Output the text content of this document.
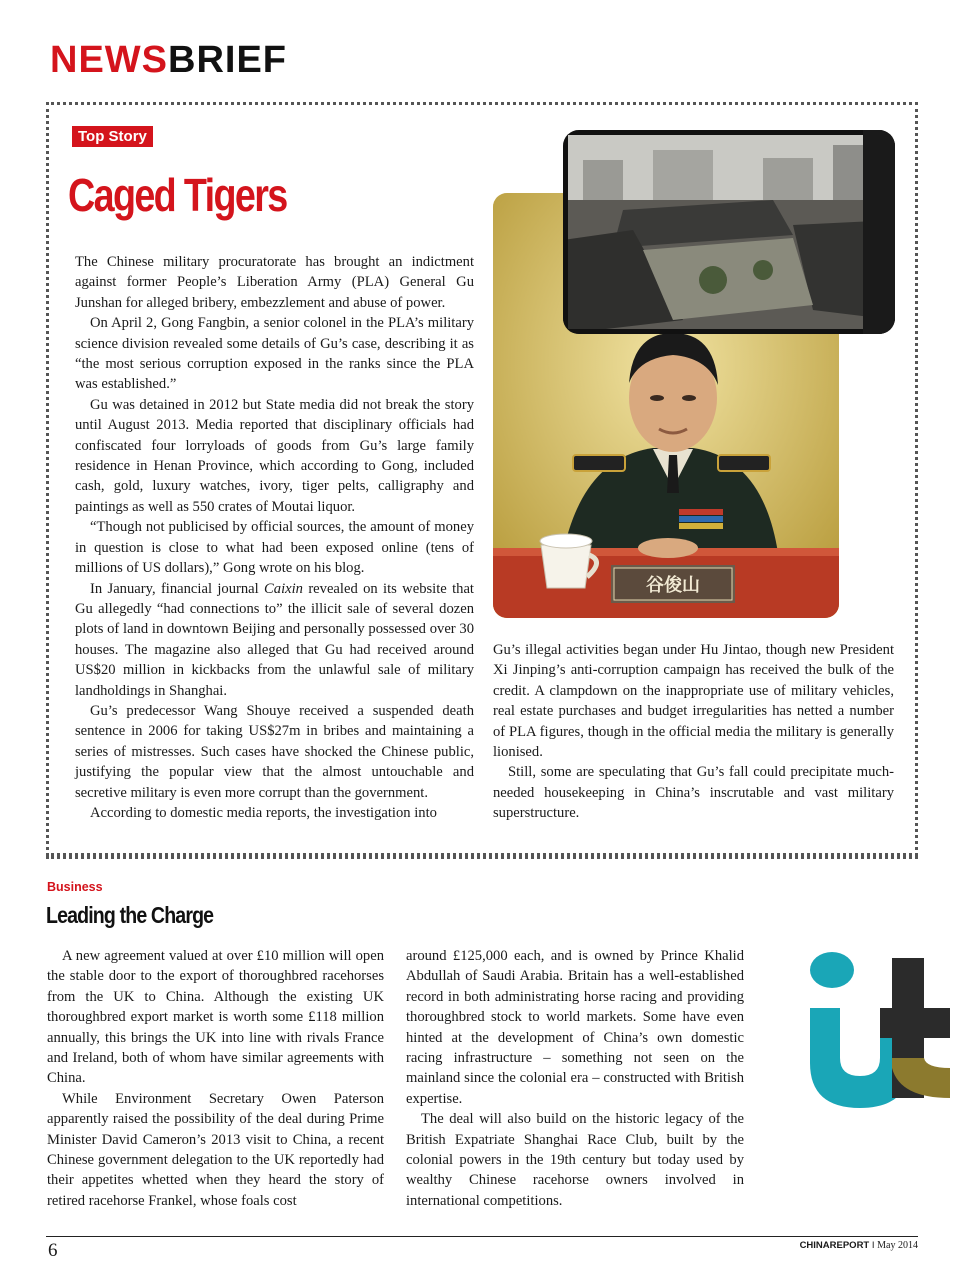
NEWSBRIEF
Top Story
Caged Tigers
谷俊山

The Chinese military procuratorate has brought an indictment against former People’s Liberation Army (PLA) General Gu Junshan for alleged bribery, embezzlement and abuse of power.

On April 2, Gong Fangbin, a senior colonel in the PLA’s military science division revealed some details of Gu’s case, describing it as “the most serious corruption exposed in the ranks since the PLA was established.”

Gu was detained in 2012 but State media did not break the story until August 2013. Media reported that disciplinary officials had confiscated four lorryloads of goods from Gu’s large family residence in Henan Province, which according to Gong, included cash, gold, luxury watches, ivory, tiger pelts, calligraphy and paintings as well as 550 crates of Moutai liquor.

“Though not publicised by official sources, the amount of money in question is close to what had been exposed online (tens of millions of US dollars),” Gong wrote on his blog.

In January, financial journal Caixin revealed on its website that Gu allegedly “had connections to” the illicit sale of several dozen plots of land in downtown Beijing and personally possessed over 30 houses. The magazine also alleged that Gu had received around US$20 million in kickbacks from the unlawful sale of military landholdings in Shanghai.

Gu’s predecessor Wang Shouye received a suspended death sentence in 2006 for taking US$27m in bribes and maintaining a series of mistresses. Such cases have shocked the Chinese public, justifying the popular view that the almost untouchable and secretive military is even more corrupt than the government.

According to domestic media reports, the investigation into

Gu’s illegal activities began under Hu Jintao, though new President Xi Jinping’s anti-corruption campaign has received the bulk of the credit. A clampdown on the inappropriate use of military vehicles, real estate purchases and budget irregularities has netted a number of PLA figures, though in the official media the military is generally lionised.

Still, some are speculating that Gu’s fall could precipitate much-needed housekeeping in China’s inscrutable and vast military superstructure.

Business
Leading the Charge

A new agreement valued at over £10 million will open the stable door to the export of thoroughbred racehorses from the UK to China. Although the existing UK thoroughbred export market is worth some £118 million annually, this brings the UK into line with rivals France and Ireland, both of whom have similar agreements with China.

While Environment Secretary Owen Paterson apparently raised the possibility of the deal during Prime Minister David Cameron’s 2013 visit to China, a recent Chinese government delegation to the UK reportedly had their appetites whetted when they heard the story of retired racehorse Frankel, whose foals cost

around £125,000 each, and is owned by Prince Khalid Abdullah of Saudi Arabia. Britain has a well-established record in both administrating horse racing and providing thoroughbred stock to world markets. Some have even hinted at the development of China’s own domestic racing infrastructure – something not seen on the mainland since the colonial era – constructed with British expertise.

The deal will also build on the historic legacy of the British Expatriate Shanghai Race Club, built by the colonial powers in the 19th century but today used by wealthy Chinese racehorse owners involved in international competitions.

6	CHINAREPORT I May 2014
